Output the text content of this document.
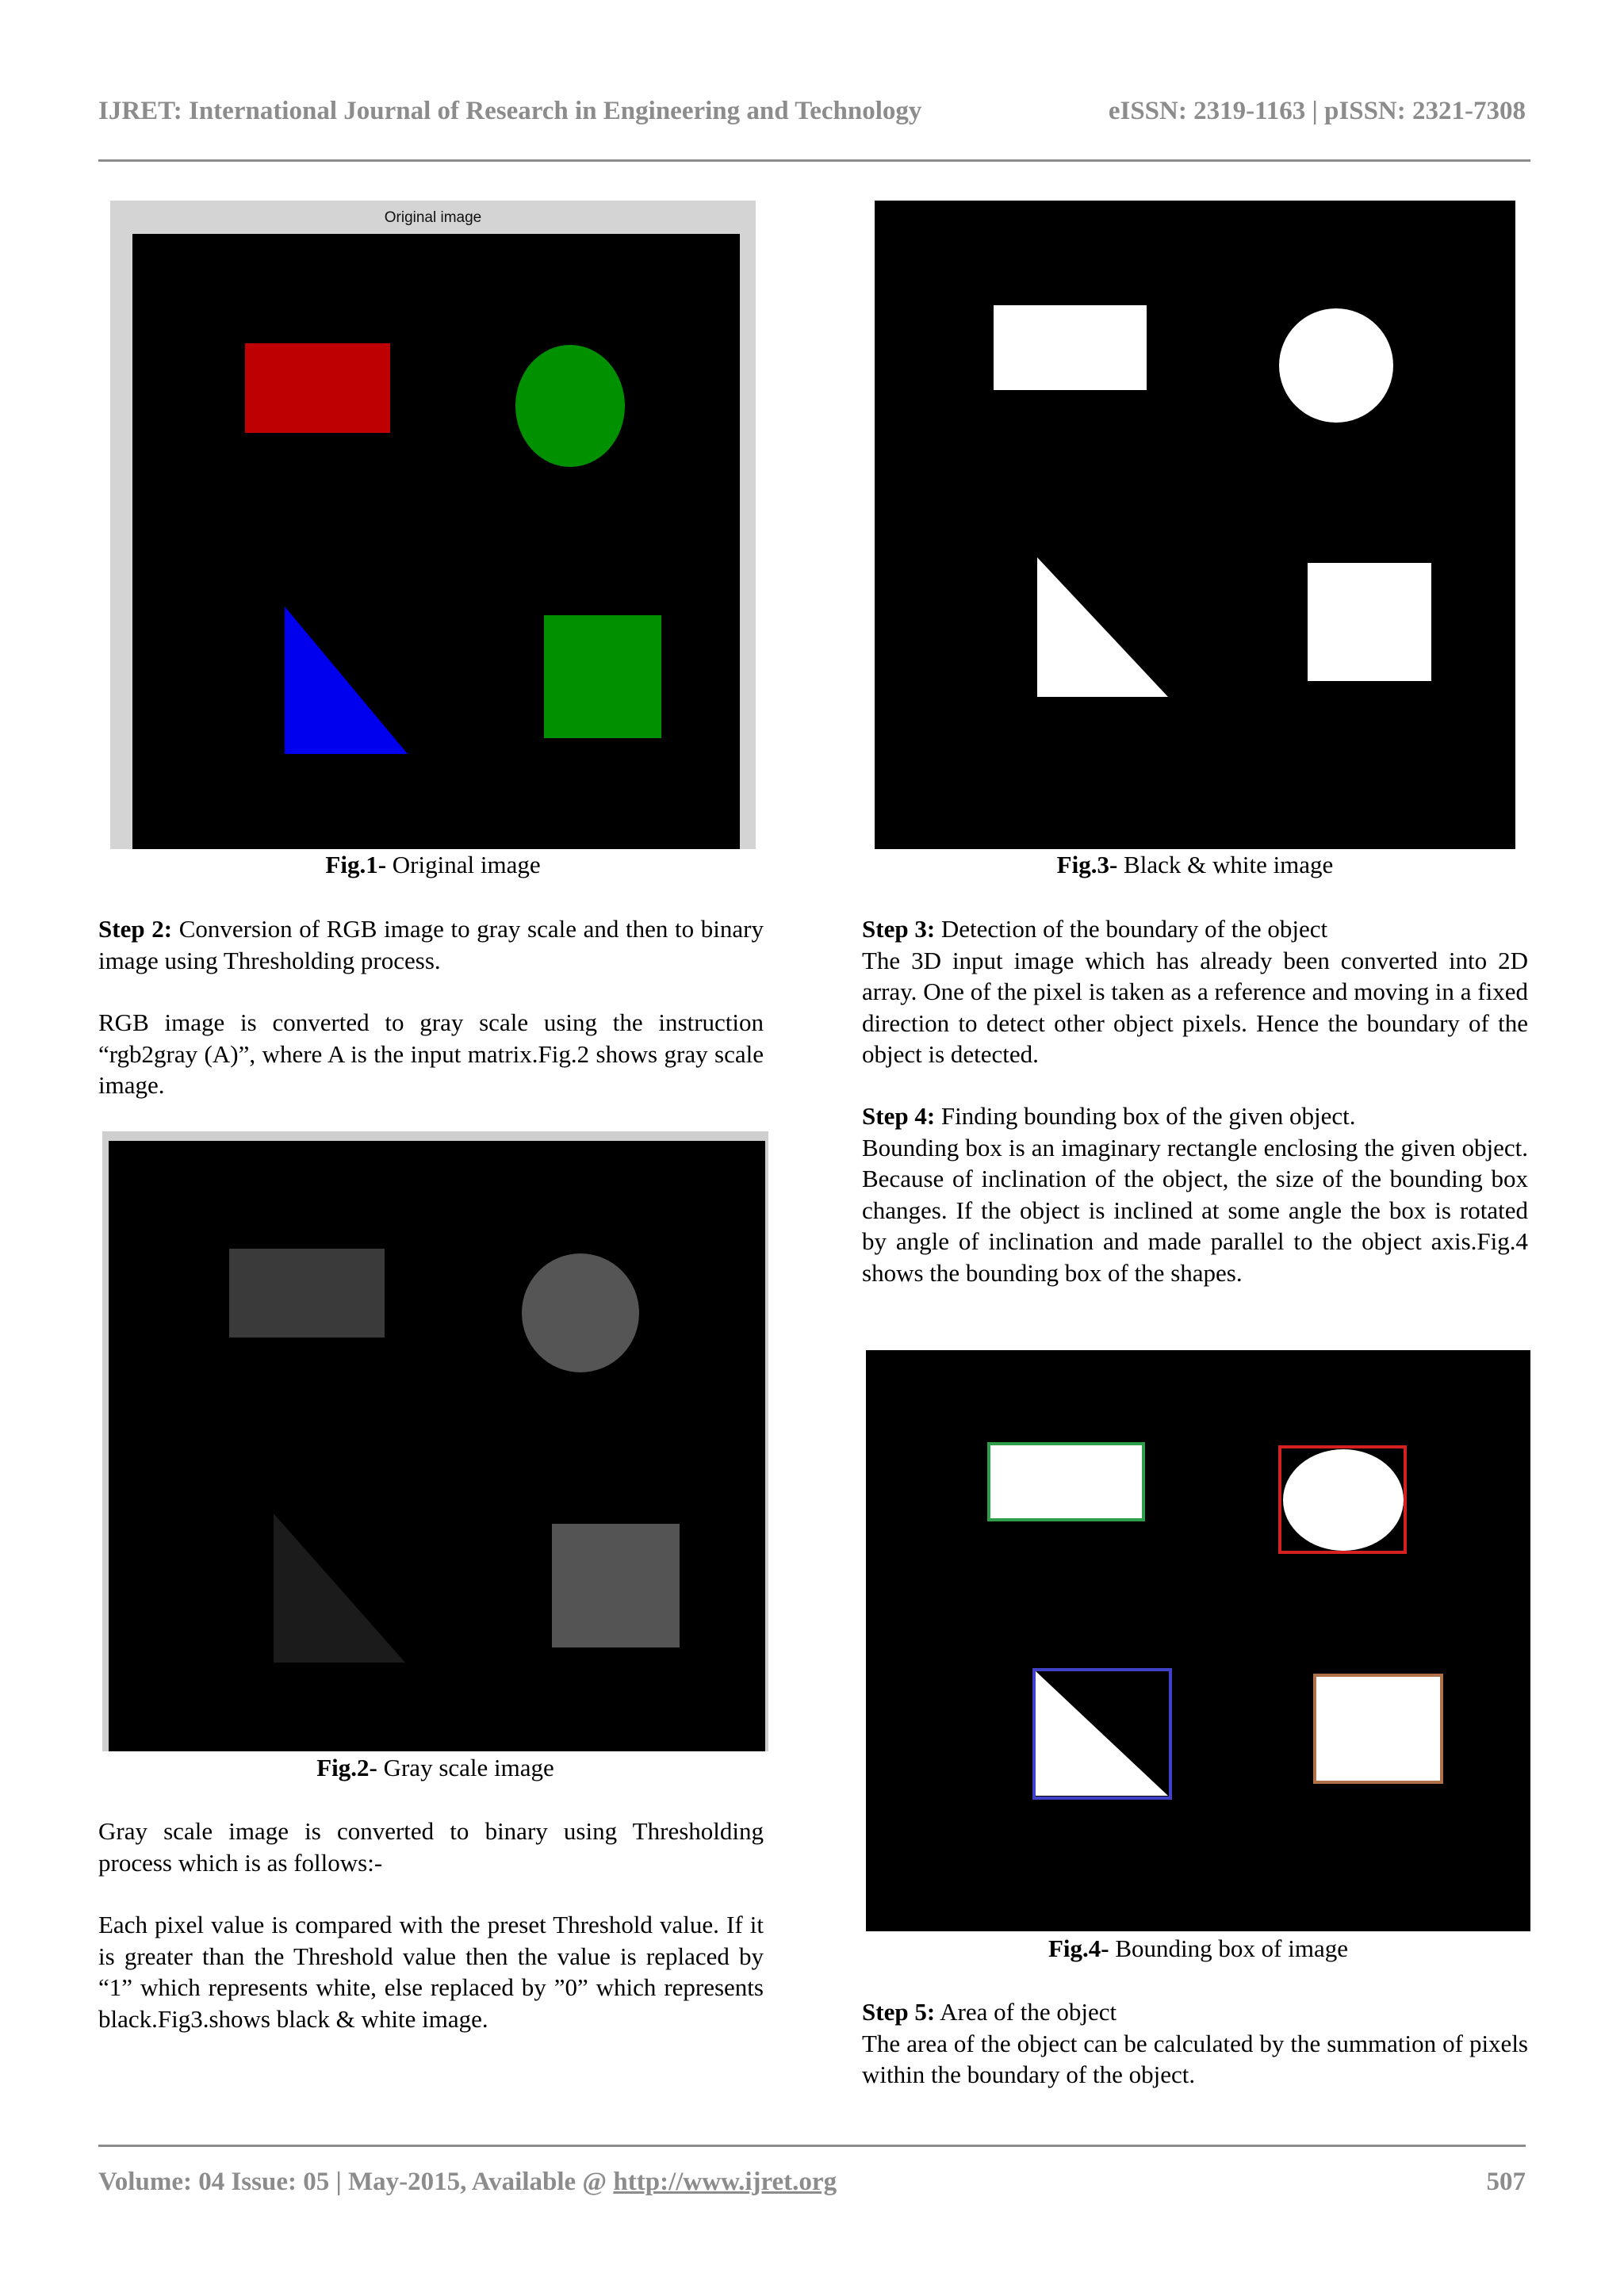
IJRET: International Journal of Research in Engineering and Technology	eISSN: 2319-1163 | pISSN: 2321-7308
Original image
Fig.1- Original image	Fig.3- Black & white image
Step 2: Conversion of RGB image to gray scale and then to binary image using Thresholding process.
RGB image is converted to gray scale using the instruction “rgb2gray (A)”, where A is the input matrix.Fig.2 shows gray scale image.
Step 3: Detection of the boundary of the object
The 3D input image which has already been converted into 2D array. One of the pixel is taken as a reference and moving in a fixed direction to detect other object pixels. Hence the boundary of the object is detected.
Step 4: Finding bounding box of the given object.
Bounding box is an imaginary rectangle enclosing the given object. Because of inclination of the object, the size of the bounding box changes. If the object is inclined at some angle the box is rotated by angle of inclination and made parallel to the object axis.Fig.4 shows the bounding box of the shapes.
Fig.2- Gray scale image
Fig.4- Bounding box of image
Gray scale image is converted to binary using Thresholding process which is as follows:-
Each pixel value is compared with the preset Threshold value. If it is greater than the Threshold value then the value is replaced by “1” which represents white, else replaced by ”0” which represents black.Fig3.shows black & white image.	Step 5: Area of the object
The area of the object can be calculated by the summation of pixels within the boundary of the object.
Volume: 04 Issue: 05 | May-2015, Available @ http://www.ijret.org	507
